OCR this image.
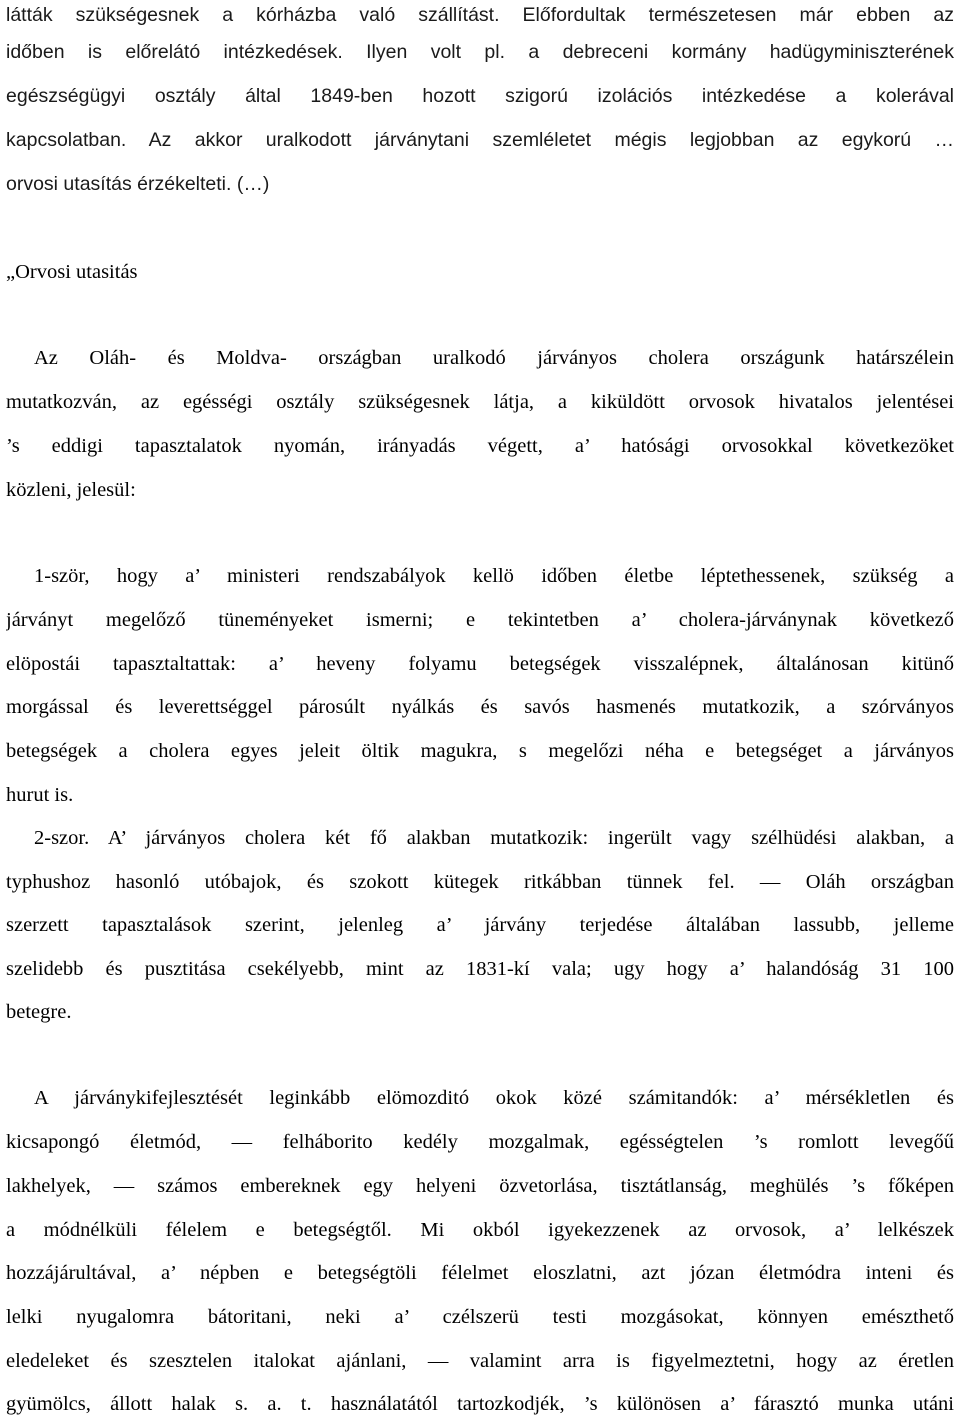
látták szükségesnek a kórházba való szállítást. Előfordultak természetesen már ebben az
időben is előrelátó intézkedések. Ilyen volt pl. a debreceni kormány hadügyminiszterének
egészségügyi osztály által 1849-ben hozott szigorú izolációs intézkedése a kolerával
kapcsolatban. Az akkor uralkodott járványtani szemléletet mégis legjobban az egykorú …
orvosi utasítás érzékelteti. (…)
„Orvosi utasitás
Az Oláh- és Moldva- országban uralkodó járványos cholera országunk határszélein
mutatkozván, az egésségi osztály szükségesnek látja, a kiküldött orvosok hivatalos jelentései
’s eddigi tapasztalatok nyomán, irányadás végett, a’ hatósági orvosokkal következöket
közleni, jelesül:
1-ször, hogy a’ ministeri rendszabályok kellö időben életbe léptethessenek, szükség a
járványt megelőző tüneményeket ismerni; e tekintetben a’ cholera-járványnak következő
elöpostái tapasztaltattak: a’ heveny folyamu betegségek visszalépnek, általánosan kitünő
morgással és leverettséggel párosúlt nyálkás és savós hasmenés mutatkozik, a szórványos
betegségek a cholera egyes jeleit öltik magukra, s megelőzi néha e betegséget a járványos
hurut is.
2-szor. A’ járványos cholera két fő alakban mutatkozik: ingerült vagy szélhüdési alakban, a
typhushoz hasonló utóbajok, és szokott kütegek ritkábban tünnek fel. — Oláh országban
szerzett tapasztalások szerint, jelenleg a’ járvány terjedése általában lassubb, jelleme
szelidebb és pusztitása csekélyebb, mint az 1831-kí vala; ugy hogy a’ halandóság 31 100
betegre.
A járványkifejlesztését leginkább elömozditó okok közé számitandók: a’ mérsékletlen és
kicsapongó életmód, — felháborito kedély mozgalmak, egésségtelen ’s romlott levegőű
lakhelyek, — számos embereknek egy helyeni özvetorlása, tisztátlanság, meghülés ’s főképen
a módnélküli félelem e betegségtől. Mi okból igyekezzenek az orvosok, a’ lelkészek
hozzájárultával, a’ népben e betegségtöli félelmet eloszlatni, azt józan életmódra inteni és
lelki nyugalomra bátoritani, neki a’ czélszerü testi mozgásokat, könnyen emészthető
eledeleket és szesztelen italokat ajánlani, — valamint arra is figyelmeztetni, hogy az éretlen
gyümölcs, állott halak s. a. t. használatától tartozkodjék, ’s különösen a’ fárasztó munka utáni
